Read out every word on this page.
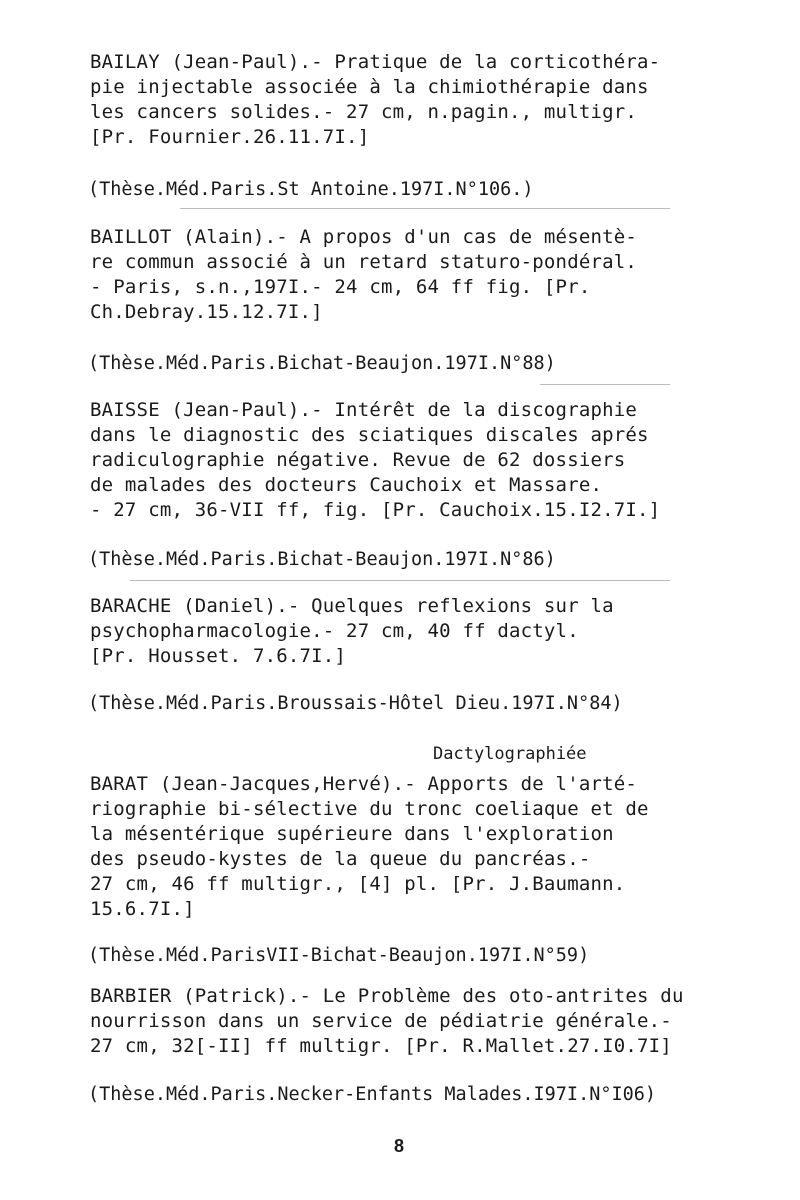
BAILAY (Jean-Paul).- Pratique de la corticothéra-
pie injectable associée à la chimiothérapie dans
les cancers solides.- 27 cm, n.pagin., multigr.
[Pr. Fournier.26.11.7I.]
(Thèse.Méd.Paris.St Antoine.197I.N°106.)
BAILLOT (Alain).- A propos d'un cas de mésentè-
re commun associé à un retard staturo-pondéral.
- Paris, s.n.,197I.- 24 cm, 64 ff fig. [Pr.
Ch.Debray.15.12.7I.]
(Thèse.Méd.Paris.Bichat-Beaujon.197I.N°88)
BAISSE (Jean-Paul).- Intérêt de la discographie
dans le diagnostic des sciatiques discales aprés
radiculographie négative. Revue de 62 dossiers
de malades des docteurs Cauchoix et Massare.
- 27 cm, 36-VII ff, fig. [Pr. Cauchoix.15.I2.7I.]
(Thèse.Méd.Paris.Bichat-Beaujon.197I.N°86)
BARACHE (Daniel).- Quelques reflexions sur la
psychopharmacologie.- 27 cm, 40 ff dactyl.
[Pr. Housset. 7.6.7I.]
(Thèse.Méd.Paris.Broussais-Hôtel Dieu.197I.N°84)
Dactylographiée
BARAT (Jean-Jacques,Hervé).- Apports de l'arté-
riographie bi-sélective du tronc coeliaque et de
la mésentérique supérieure dans l'exploration
des pseudo-kystes de la queue du pancréas.-
27 cm, 46 ff multigr., [4] pl. [Pr. J.Baumann.
15.6.7I.]
(Thèse.Méd.ParisVII-Bichat-Beaujon.197I.N°59)
BARBIER (Patrick).- Le Problème des oto-antrites du
nourrisson dans un service de pédiatrie générale.-
27 cm, 32[-II] ff multigr. [Pr. R.Mallet.27.I0.7I]
(Thèse.Méd.Paris.Necker-Enfants Malades.I97I.N°I06)
8
